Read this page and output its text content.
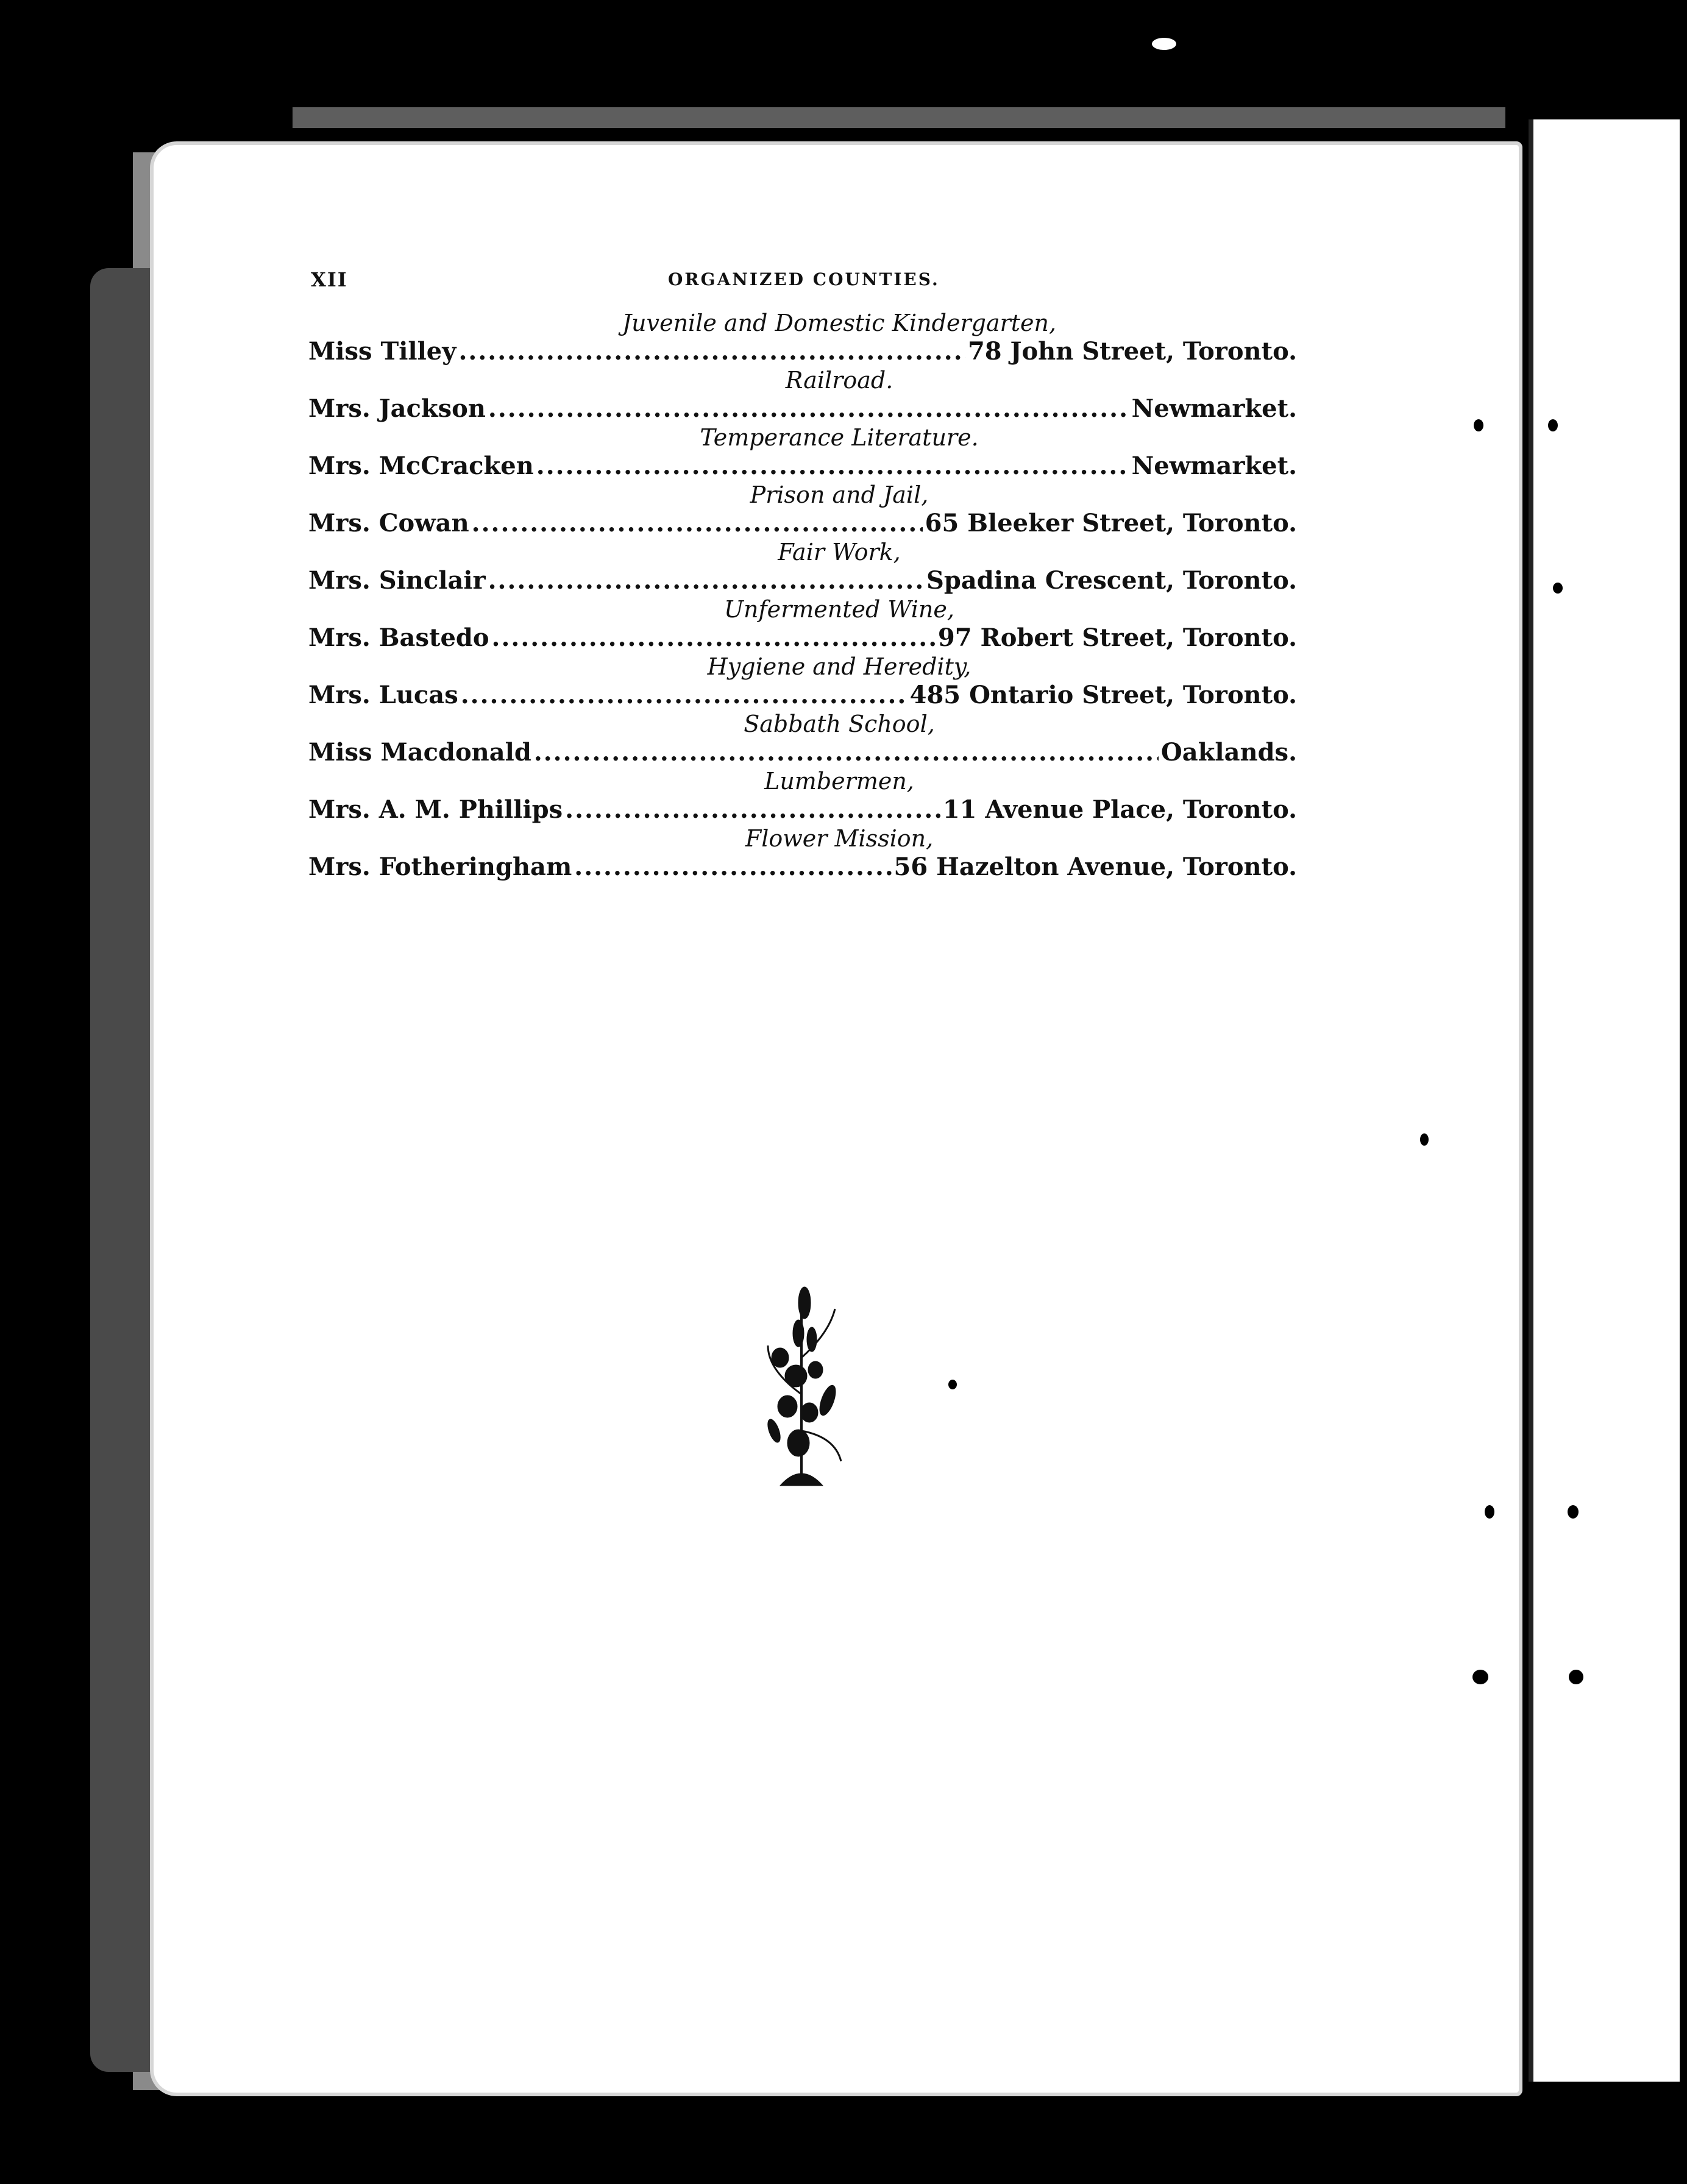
XII	ORGANIZED COUNTIES.
Juvenile and Domestic Kindergarten,
Miss Tilley .....	78 John Street, Toronto.
Railroad.
Mrs. Jackson .....	Newmarket.
Temperance Literature.
Mrs. McCracken .....	Newmarket.
Prison and Jail,
Mrs. Cowan .....	65 Bleeker Street, Toronto.
Fair Work,
Mrs. Sinclair .....	Spadina Crescent, Toronto.
Unfermented Wine,
Mrs. Bastedo .....	97 Robert Street, Toronto.
Hygiene and Heredity,
Mrs. Lucas .....	485 Ontario Street, Toronto.
Sabbath School,
Miss Macdonald .....	Oaklands.
Lumbermen,
Mrs. A. M. Phillips .....	11 Avenue Place, Toronto.
Flower Mission,
Mrs. Fotheringham .....	56 Hazelton Avenue, Toronto.
